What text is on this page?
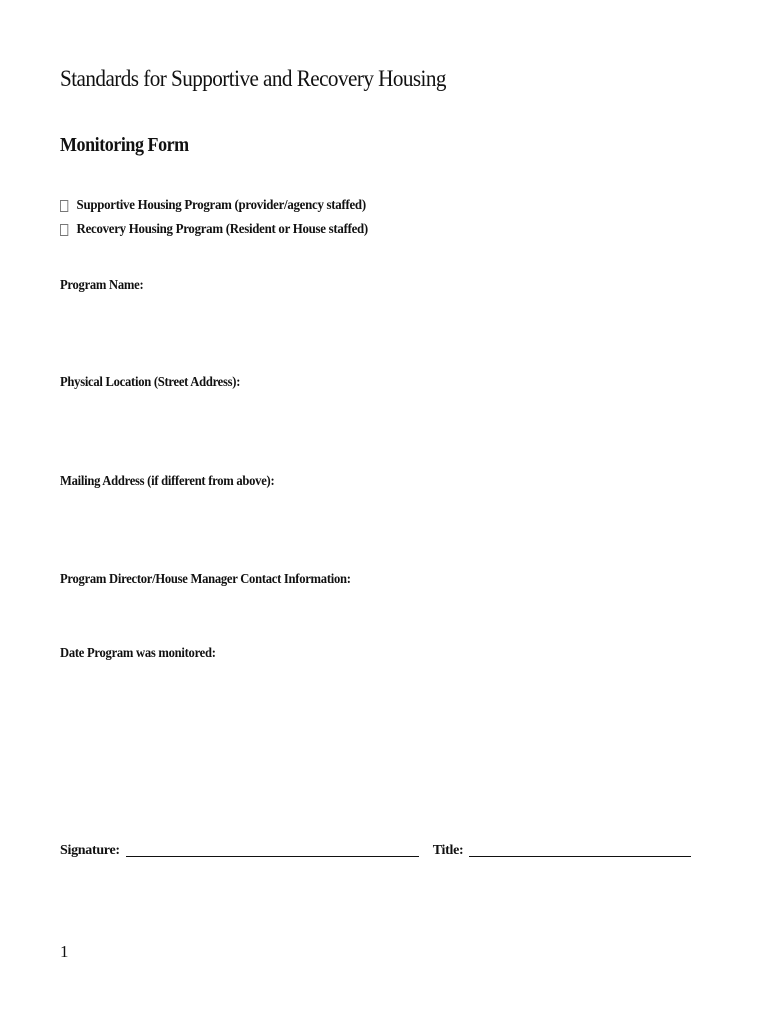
Standards for Supportive and Recovery Housing
Monitoring Form
Supportive Housing Program (provider/agency staffed)
Recovery Housing Program (Resident or House staffed)
Program Name:
Physical Location (Street Address):
Mailing Address (if different from above):
Program Director/House Manager Contact Information:
Date Program was monitored:
Signature:	Title:
1
